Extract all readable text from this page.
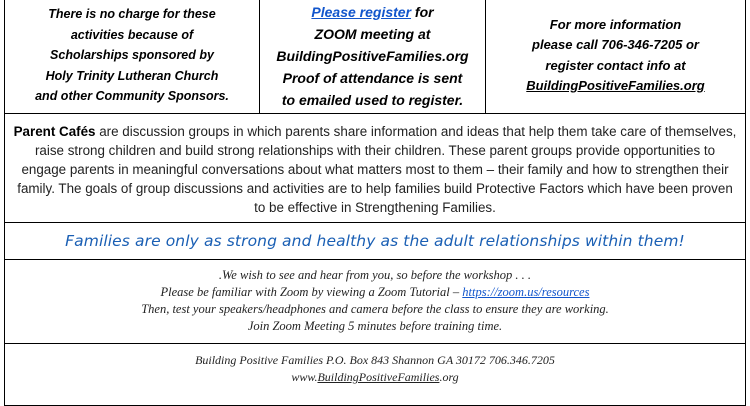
There is no charge for these
activities because of
Scholarships sponsored by
Holy Trinity Lutheran Church
and other Community Sponsors.
Please register for
ZOOM meeting at
BuildingPositiveFamilies.org
Proof of attendance is sent
to emailed used to register.
For more information
please call 706-346-7205 or
register contact info at
BuildingPositiveFamilies.org
Parent Cafés are discussion groups in which parents share information and ideas that help them take care of themselves, raise strong children and build strong relationships with their children. These parent groups provide opportunities to engage parents in meaningful conversations about what matters most to them – their family and how to strengthen their family. The goals of group discussions and activities are to help families build Protective Factors which have been proven to be effective in Strengthening Families.
Families are only as strong and healthy as the adult relationships within them!
.We wish to see and hear from you, so before the workshop . . .
Please be familiar with Zoom by viewing a Zoom Tutorial – https://zoom.us/resources
Then, test your speakers/headphones and camera before the class to ensure they are working.
Join Zoom Meeting 5 minutes before training time.
Building Positive Families P.O. Box 843 Shannon GA 30172 706.346.7205
www.BuildingPositiveFamilies.org
